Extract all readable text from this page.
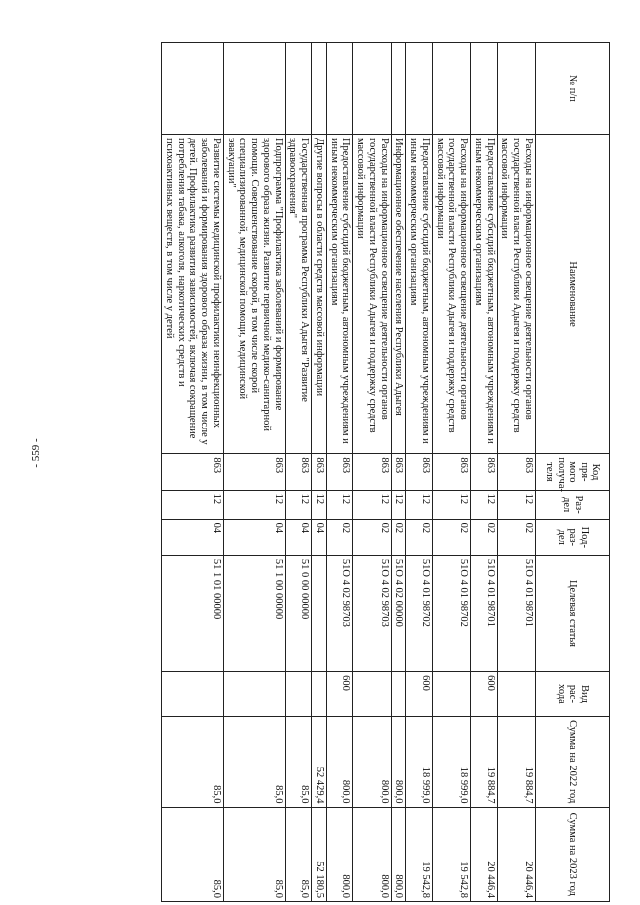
- 559 -
№ п/п	Наименование	Код пря-мого получа-теля	Раз-дел	Под-раз-дел	Целевая статья	Вид рас-хода	Сумма на 2022 год	Сумма на 2023 год
	Расходы на информационное освещение деятельности органов государственной власти Республики Адыгея и поддержку средств массовой информации	863	12	02	51О 4 01 98701		19 884,7	20 446,4
	Предоставление субсидий бюджетным, автономным учреждениям и иным некоммерческим организациям	863	12	02	51О 4 01 98701	600	19 884,7	20 446,4
	Расходы на информационное освещение деятельности органов государственной власти Республики Адыгея и поддержку средств массовой информации	863	12	02	51О 4 01 98702		18 999,0	19 542,8
	Предоставление субсидий бюджетным, автономным учреждениям и иным некоммерческим организациям	863	12	02	51О 4 01 98702	600	18 999,0	19 542,8
	Информационное обеспечение населения Республики Адыгея	863	12	02	51О 4 02 00000		800,0	800,0
	Расходы на информационное освещение деятельности органов государственной власти Республики Адыгея и поддержку средств массовой информации	863	12	02	51О 4 02 98703		800,0	800,0
	Предоставление субсидий бюджетным, автономным учреждениям и иным некоммерческим организациям	863	12	02	51О 4 02 98703	600	800,0	800,0
	Другие вопросы в области средств массовой информации	863	12	04			52 429,4	52 180,5
	Государственная программа Республики Адыгея "Развитие здравоохранения"	863	12	04	51 0 00 00000		85,0	85,0
	Подпрограмма "Профилактика заболеваний и формирование здорового образа жизни. Развитие первичной медико-санитарной помощи. Совершенствование скорой, в том числе скорой специализированной, медицинской помощи, медицинской эвакуации"	863	12	04	51 1 00 00000		85,0	85,0
	Развитие системы медицинской профилактики неинфекционных заболеваний и формирования здорового образа жизни, в том числе у детей. Профилактика развития зависимостей, включая сокращение потребления табака, алкоголя, наркотических средств и психоактивных веществ, в том числе у детей	863	12	04	51 1 01 00000		85,0	85,0
